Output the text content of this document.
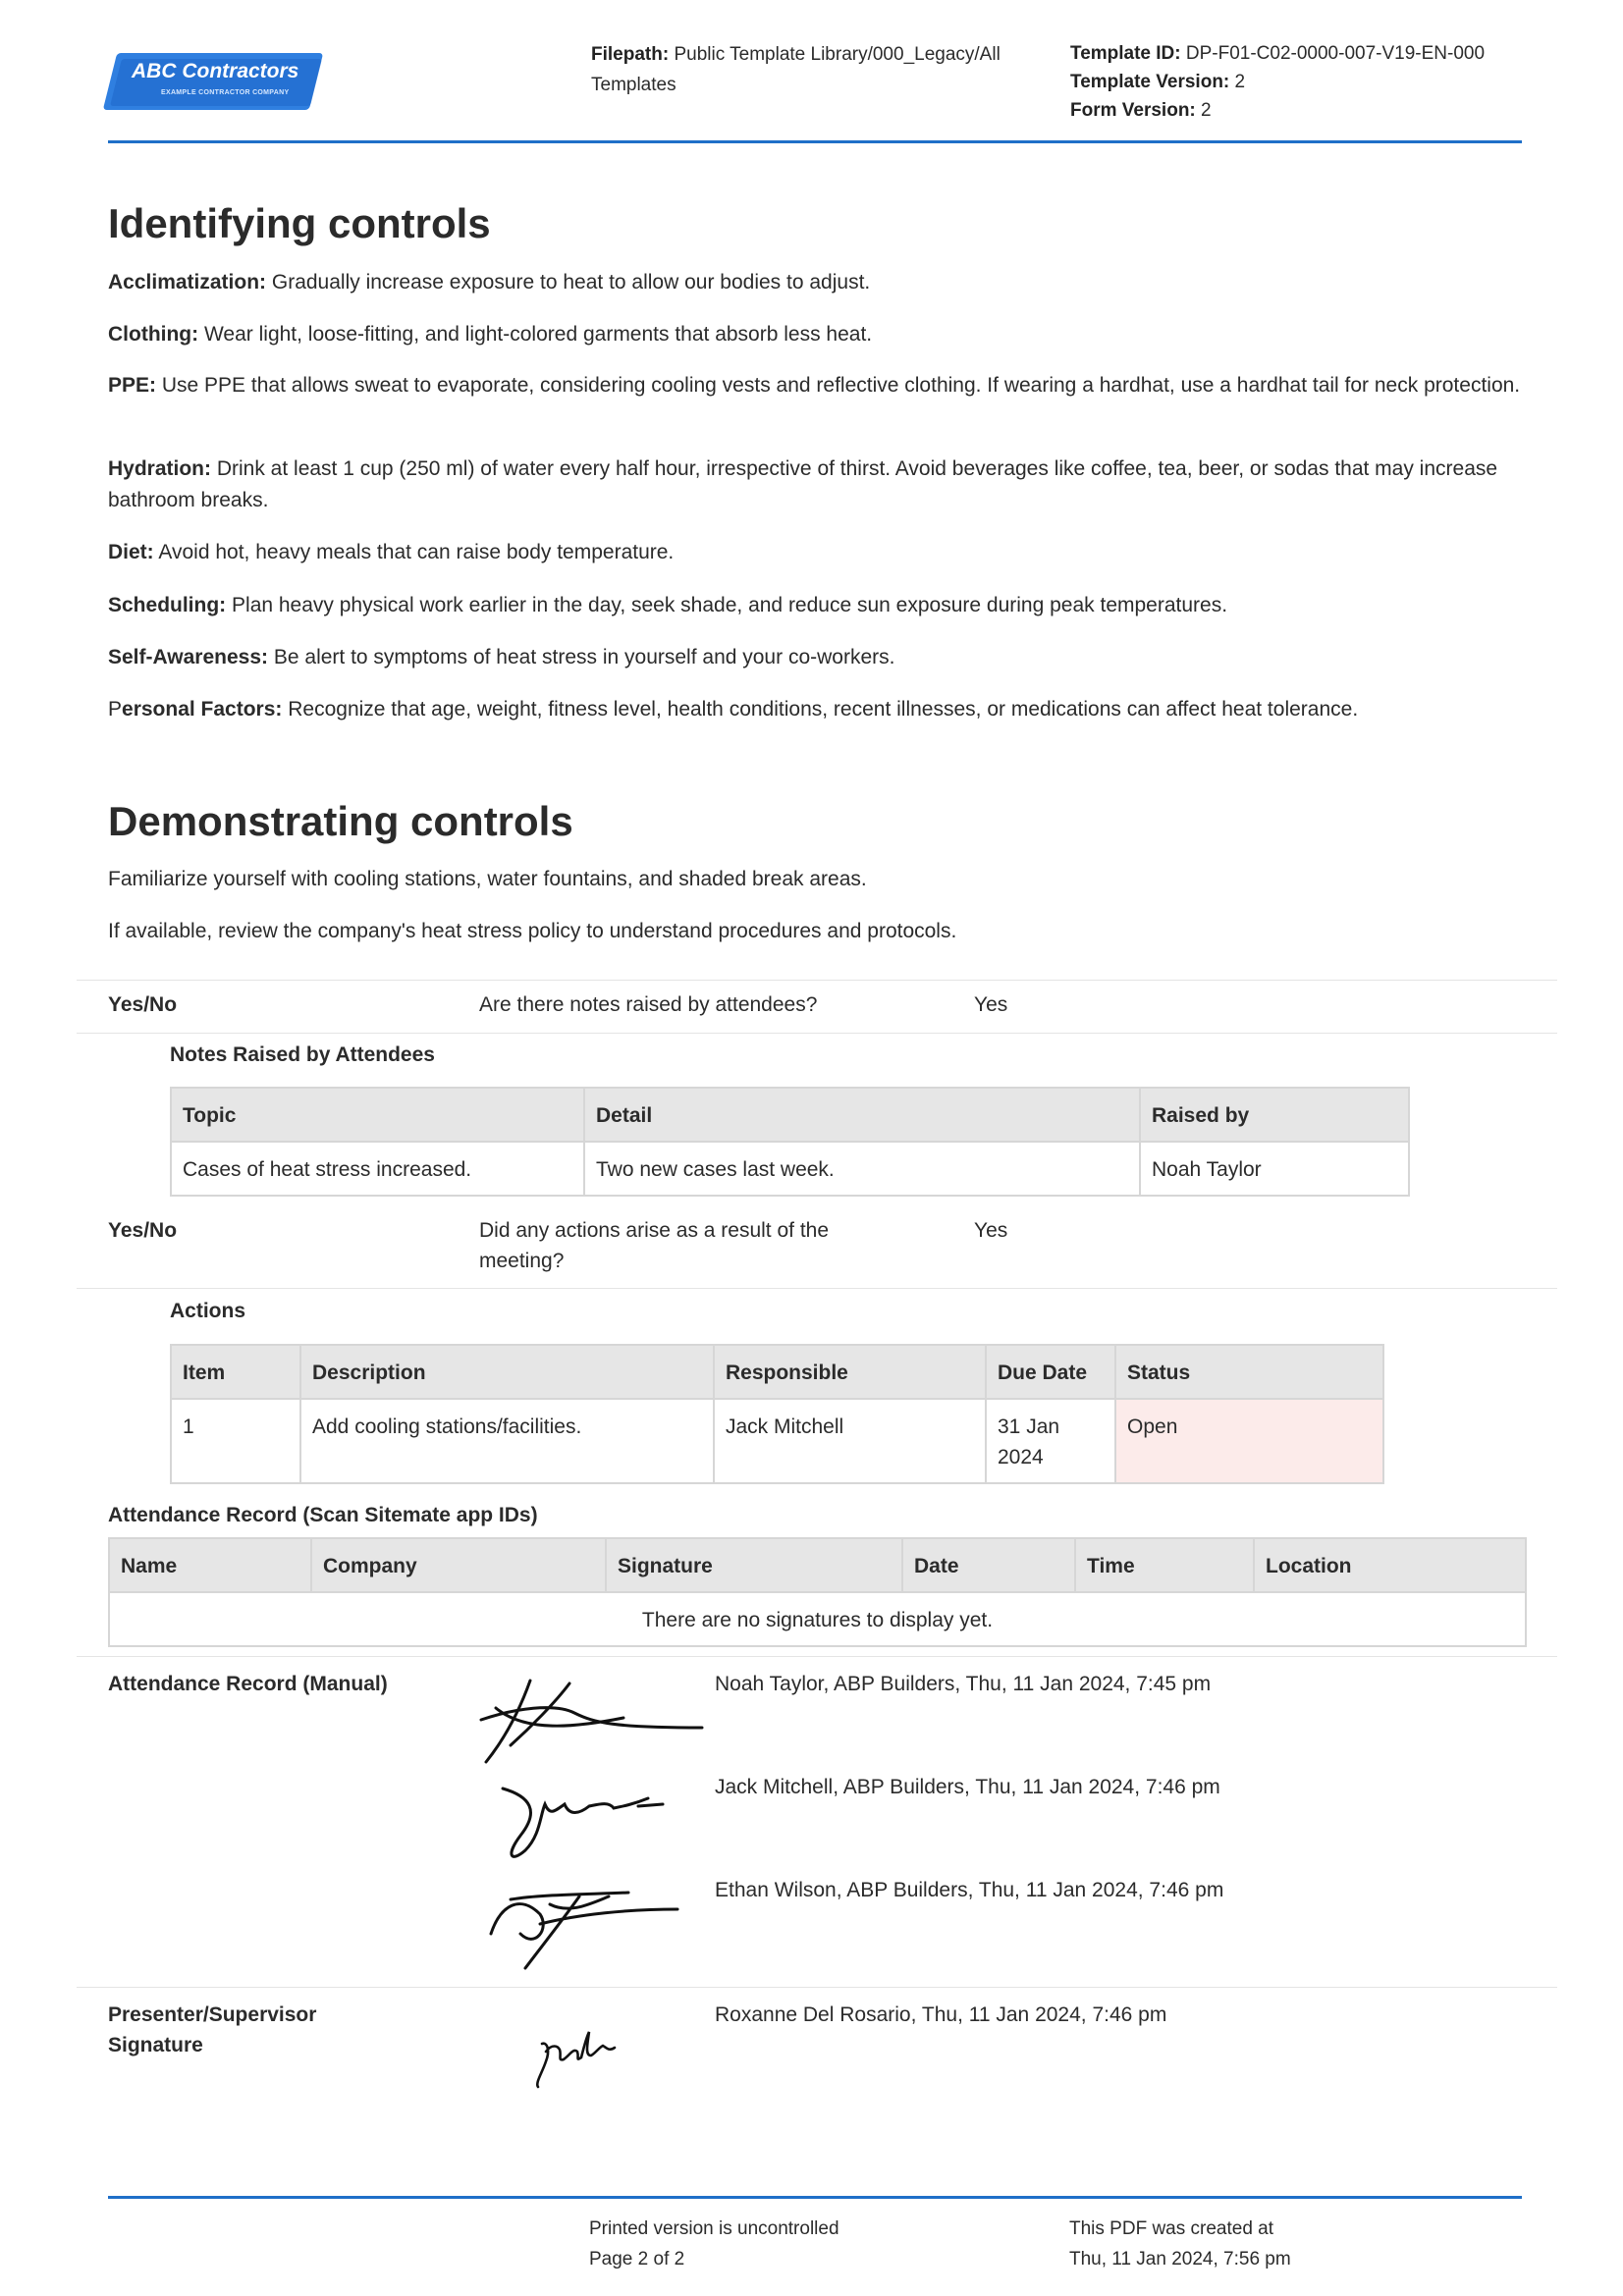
ABC Contractors
EXAMPLE CONTRACTOR COMPANY
Filepath: Public Template Library/000_Legacy/All Templates
Template ID: DP-F01-C02-0000-007-V19-EN-000
Template Version: 2
Form Version: 2
Identifying controls
Acclimatization: Gradually increase exposure to heat to allow our bodies to adjust.
Clothing: Wear light, loose-fitting, and light-colored garments that absorb less heat.
PPE: Use PPE that allows sweat to evaporate, considering cooling vests and reflective clothing. If wearing a hardhat, use a hardhat tail for neck protection.
Hydration: Drink at least 1 cup (250 ml) of water every half hour, irrespective of thirst. Avoid beverages like coffee, tea, beer, or sodas that may increase bathroom breaks.
Diet: Avoid hot, heavy meals that can raise body temperature.
Scheduling: Plan heavy physical work earlier in the day, seek shade, and reduce sun exposure during peak temperatures.
Self-Awareness: Be alert to symptoms of heat stress in yourself and your co-workers.
Personal Factors: Recognize that age, weight, fitness level, health conditions, recent illnesses, or medications can affect heat tolerance.
Demonstrating controls
Familiarize yourself with cooling stations, water fountains, and shaded break areas.
If available, review the company's heat stress policy to understand procedures and protocols.
Yes/No	Are there notes raised by attendees?	Yes
Notes Raised by Attendees
Topic	Detail	Raised by
Cases of heat stress increased.	Two new cases last week.	Noah Taylor
Yes/No	Did any actions arise as a result of the meeting?
Yes
Actions
Item	Description	Responsible	Due Date	Status
1	Add cooling stations/facilities.	Jack Mitchell	31 Jan 2024	Open
Attendance Record (Scan Sitemate app IDs)
Name	Company	Signature	Date	Time	Location
There are no signatures to display yet.
Attendance Record (Manual)	Noah Taylor, ABP Builders, Thu, 11 Jan 2024, 7:45 pm
Jack Mitchell, ABP Builders, Thu, 11 Jan 2024, 7:46 pm
Ethan Wilson, ABP Builders, Thu, 11 Jan 2024, 7:46 pm
Presenter/Supervisor Signature
Roxanne Del Rosario, Thu, 11 Jan 2024, 7:46 pm
Printed version is uncontrolled
Page 2 of 2
This PDF was created at
Thu, 11 Jan 2024, 7:56 pm
